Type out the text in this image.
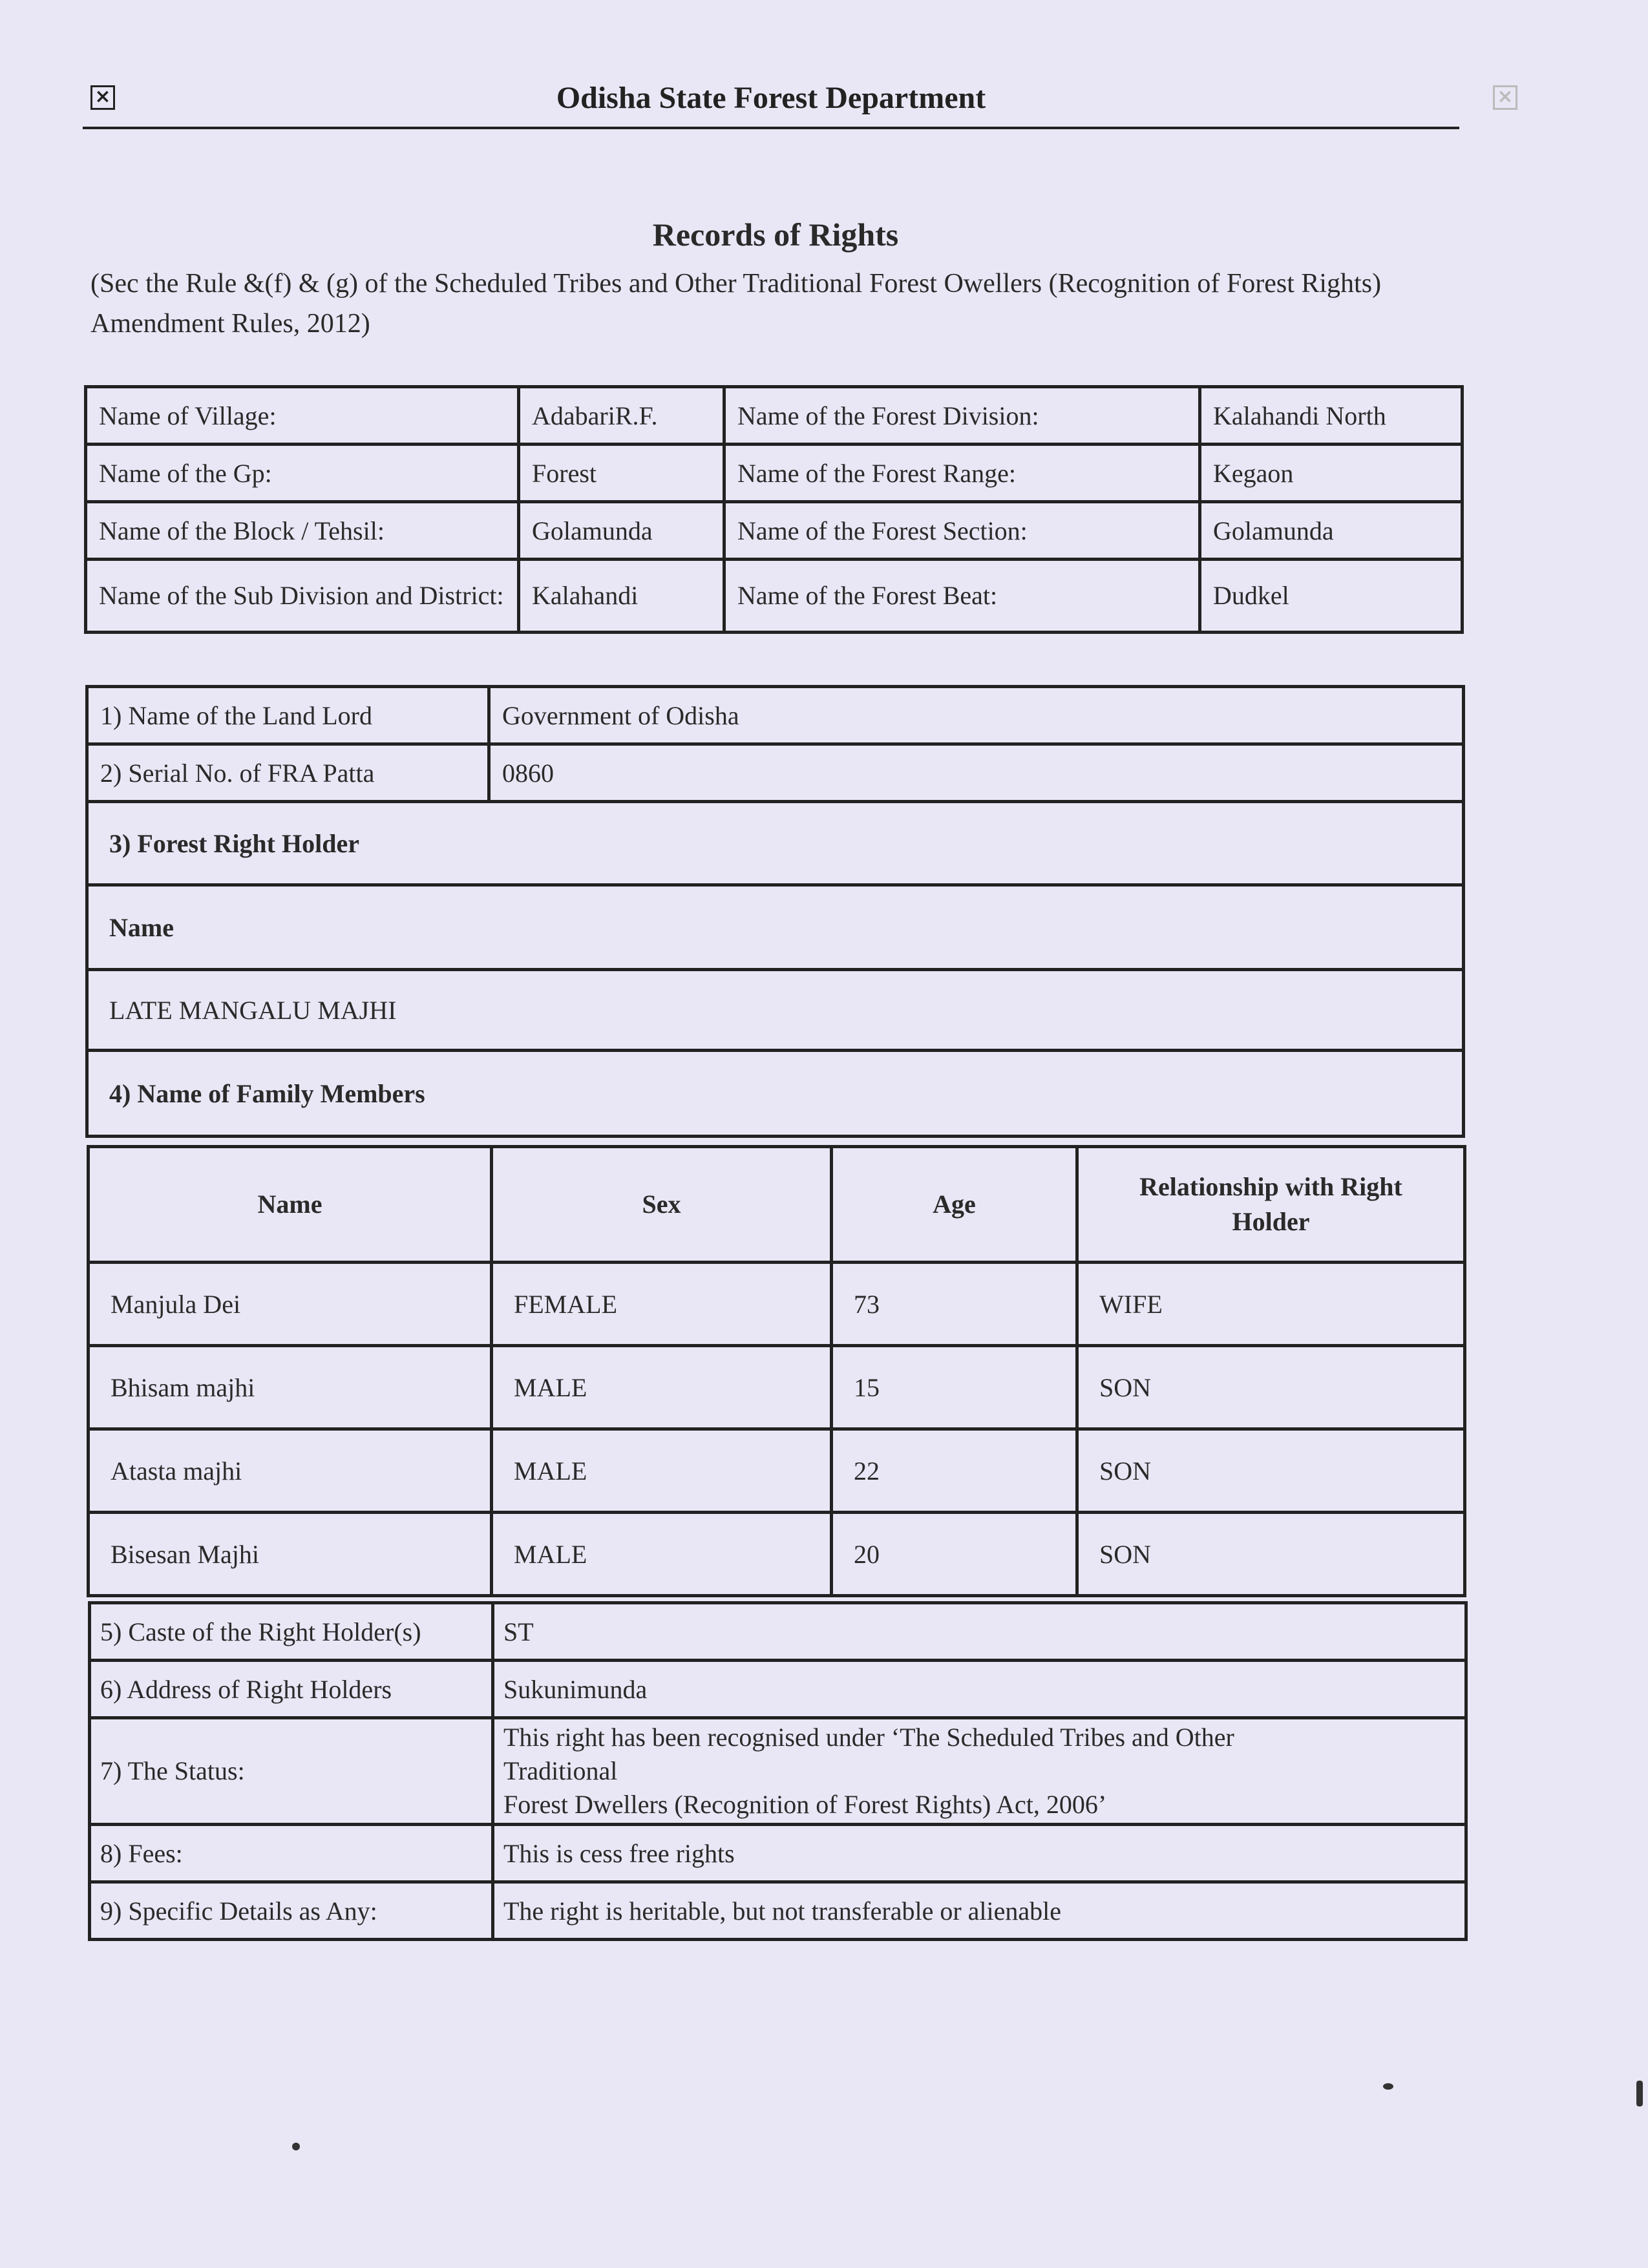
×	Odisha State Forest Department	×
Records of Rights
(Sec the Rule &(f) & (g) of the Scheduled Tribes and Other Traditional Forest Owellers (Recognition of Forest Rights) Amendment Rules, 2012)
Name of Village:	AdabariR.F.	Name of the Forest Division:	Kalahandi North
Name of the Gp:	Forest	Name of the Forest Range:	Kegaon
Name of the Block / Tehsil:	Golamunda	Name of the Forest Section:	Golamunda
Name of the Sub Division and District:	Kalahandi	Name of the Forest Beat:	Dudkel
1) Name of the Land Lord	Government of Odisha
2) Serial No. of FRA Patta	0860
3) Forest Right Holder	
Name	
LATE MANGALU MAJHI	
4) Name of Family Members	
Name	Sex	Age	Relationship with Right Holder
Manjula Dei	FEMALE	73	WIFE
Bhisam majhi	MALE	15	SON
Atasta majhi	MALE	22	SON
Bisesan Majhi	MALE	20	SON
5) Caste of the Right Holder(s)	ST
6) Address of Right Holders	Sukunimunda
7) The Status:	This right has been recognised under ‘The Scheduled Tribes and Other
Traditional
Forest Dwellers (Recognition of Forest Rights) Act, 2006’

8) Fees:	This is cess free rights
9) Specific Details as Any:	The right is heritable, but not transferable or alienable
